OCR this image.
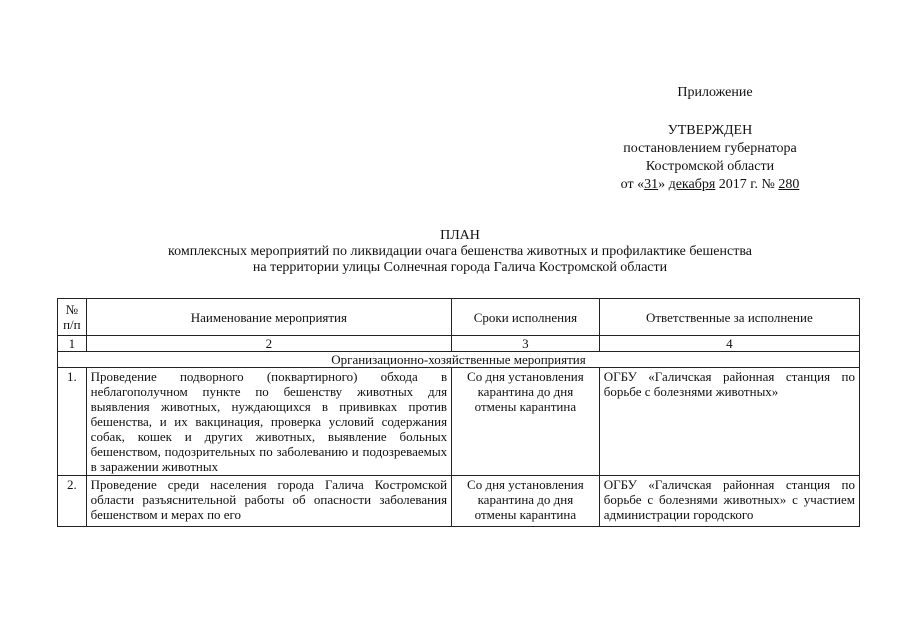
Приложение
УТВЕРЖДЕН
постановлением губернатора
Костромской области
от «31» декабря 2017 г. № 280
ПЛАН
комплексных мероприятий по ликвидации очага бешенства животных и профилактике бешенства
на территории улицы Солнечная города Галича Костромской области
№ п/п	Наименование мероприятия	Сроки исполнения	Ответственные за исполнение
1	2	3	4
Организационно-хозяйственные мероприятия			
1.	Проведение подворного (поквартирного) обхода в неблагополучном пункте по бешенству животных для выявления животных, нуждающихся в прививках против бешенства, и их вакцинация, проверка условий содержания собак, кошек и других животных, выявление больных бешенством, подозрительных по заболеванию и подозреваемых в заражении животных	Со дня установления карантина до дня отмены карантина	ОГБУ «Галичская районная станция по борьбе с болезнями животных»

2.	Проведение среди населения города Галича Костромской области разъяснительной работы об опасности заболевания бешенством и мерах по его	Со дня установления карантина до дня отмены карантина	ОГБУ «Галичская районная станция по борьбе с болезнями животных» с участием администрации городского
